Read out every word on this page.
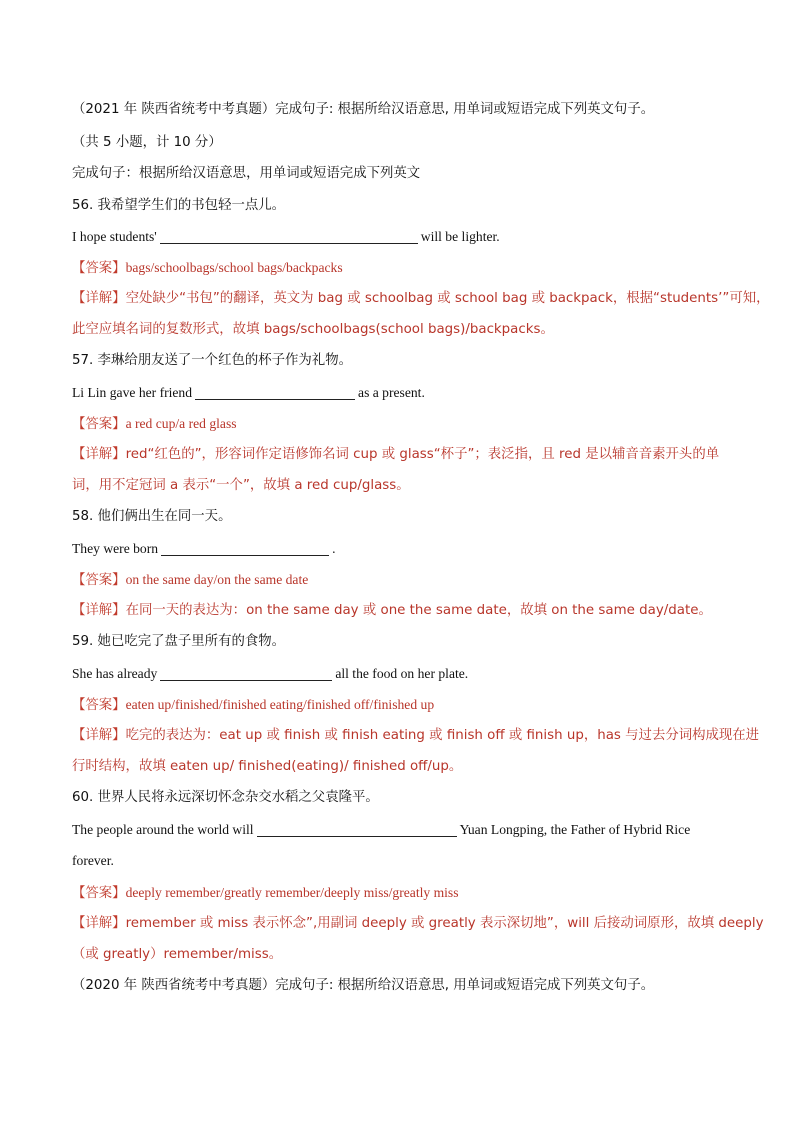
（2021 年 陕西省统考中考真题）完成句子: 根据所给汉语意思, 用单词或短语完成下列英文句子。
（共 5 小题，计 10 分）
完成句子：根据所给汉语意思，用单词或短语完成下列英文
56. 我希望学生们的书包轻一点儿。
I hope students'	will be lighter.
【答案】bags/schoolbags/school bags/backpacks
【详解】空处缺少“书包”的翻译，英文为 bag 或 schoolbag 或 school bag 或 backpack，根据“students’”可知，
此空应填名词的复数形式，故填 bags/schoolbags(school bags)/backpacks。
57. 李琳给朋友送了一个红色的杯子作为礼物。
Li Lin gave her friend	as a present.
【答案】a red cup/a red glass
【详解】red“红色的”，形容词作定语修饰名词 cup 或 glass“杯子”；表泛指，且 red 是以辅音音素开头的单
词，用不定冠词 a 表示“一个”，故填 a red cup/glass。
58. 他们俩出生在同一天。
They were born	.
【答案】on the same day/on the same date
【详解】在同一天的表达为：on the same day 或 one the same date，故填 on the same day/date。
59. 她已吃完了盘子里所有的食物。
She has already	all the food on her plate.
【答案】eaten up/finished/finished eating/finished off/finished up
【详解】吃完的表达为：eat up 或 finish 或 finish eating 或 finish off 或 finish up，has 与过去分词构成现在进
行时结构，故填 eaten up/ finished(eating)/ finished off/up。
60. 世界人民将永远深切怀念杂交水稻之父袁隆平。
The people around the world will	Yuan Longping, the Father of Hybrid Rice
forever.
【答案】deeply remember/greatly remember/deeply miss/greatly miss
【详解】remember 或 miss 表示怀念”,用副词 deeply 或 greatly 表示深切地”，will 后接动词原形，故填 deeply
（或 greatly）remember/miss。
（2020 年 陕西省统考中考真题）完成句子: 根据所给汉语意思, 用单词或短语完成下列英文句子。
